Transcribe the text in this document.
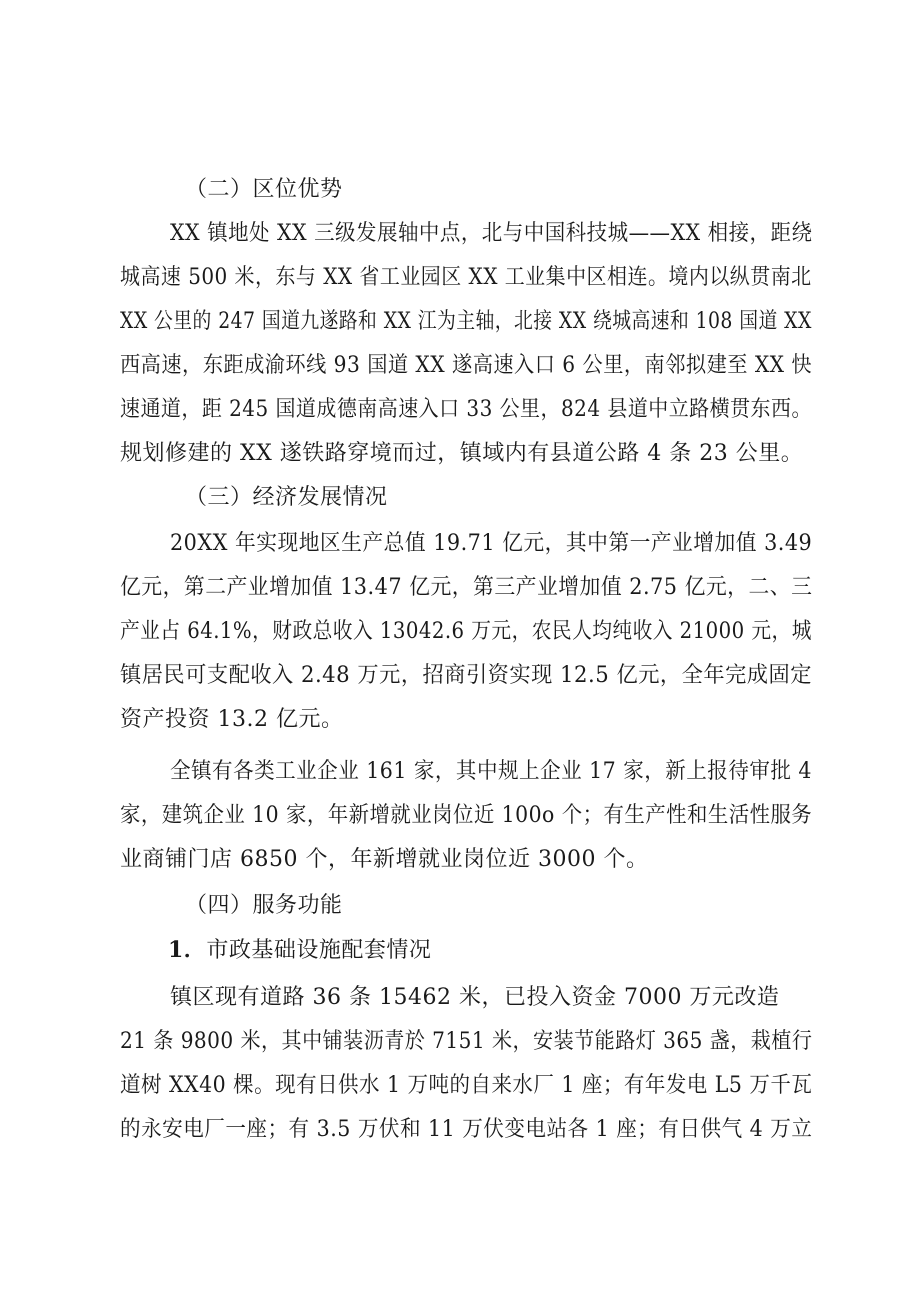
（二）区位优势
XX 镇地处 XX 三级发展轴中点，北与中国科技城——XX 相接，距绕
城高速 500 米，东与 XX 省工业园区 XX 工业集中区相连。境内以纵贯南北
XX 公里的 247 国道九遂路和 XX 江为主轴，北接 XX 绕城高速和 108 国道 XX
西高速，东距成渝环线 93 国道 XX 遂高速入口 6 公里，南邻拟建至 XX 快
速通道，距 245 国道成德南高速入口 33 公里，824 县道中立路横贯东西。
规划修建的 XX 遂铁路穿境而过，镇域内有县道公路 4 条 23 公里。
（三）经济发展情况
20XX 年实现地区生产总值 19.71 亿元，其中第一产业增加值 3.49
亿元，第二产业增加值 13.47 亿元，第三产业增加值 2.75 亿元，二、三
产业占 64.1%，财政总收入 13042.6 万元，农民人均纯收入 21000 元，城
镇居民可支配收入 2.48 万元，招商引资实现 12.5 亿元，全年完成固定
资产投资 13.2 亿元。
全镇有各类工业企业 161 家，其中规上企业 17 家，新上报待审批 4
家，建筑企业 10 家，年新增就业岗位近 100o 个；有生产性和生活性服务
业商铺门店 6850 个，年新增就业岗位近 3000 个。
（四）服务功能
1．市政基础设施配套情况
镇区现有道路 36 条 15462 米，已投入资金 7000 万元改造
21 条 9800 米，其中铺装沥青於 7151 米，安装节能路灯 365 盏，栽植行
道树 XX40 棵。现有日供水 1 万吨的自来水厂 1 座；有年发电 L5 万千瓦
的永安电厂一座；有 3.5 万伏和 11 万伏变电站各 1 座；有日供气 4 万立
